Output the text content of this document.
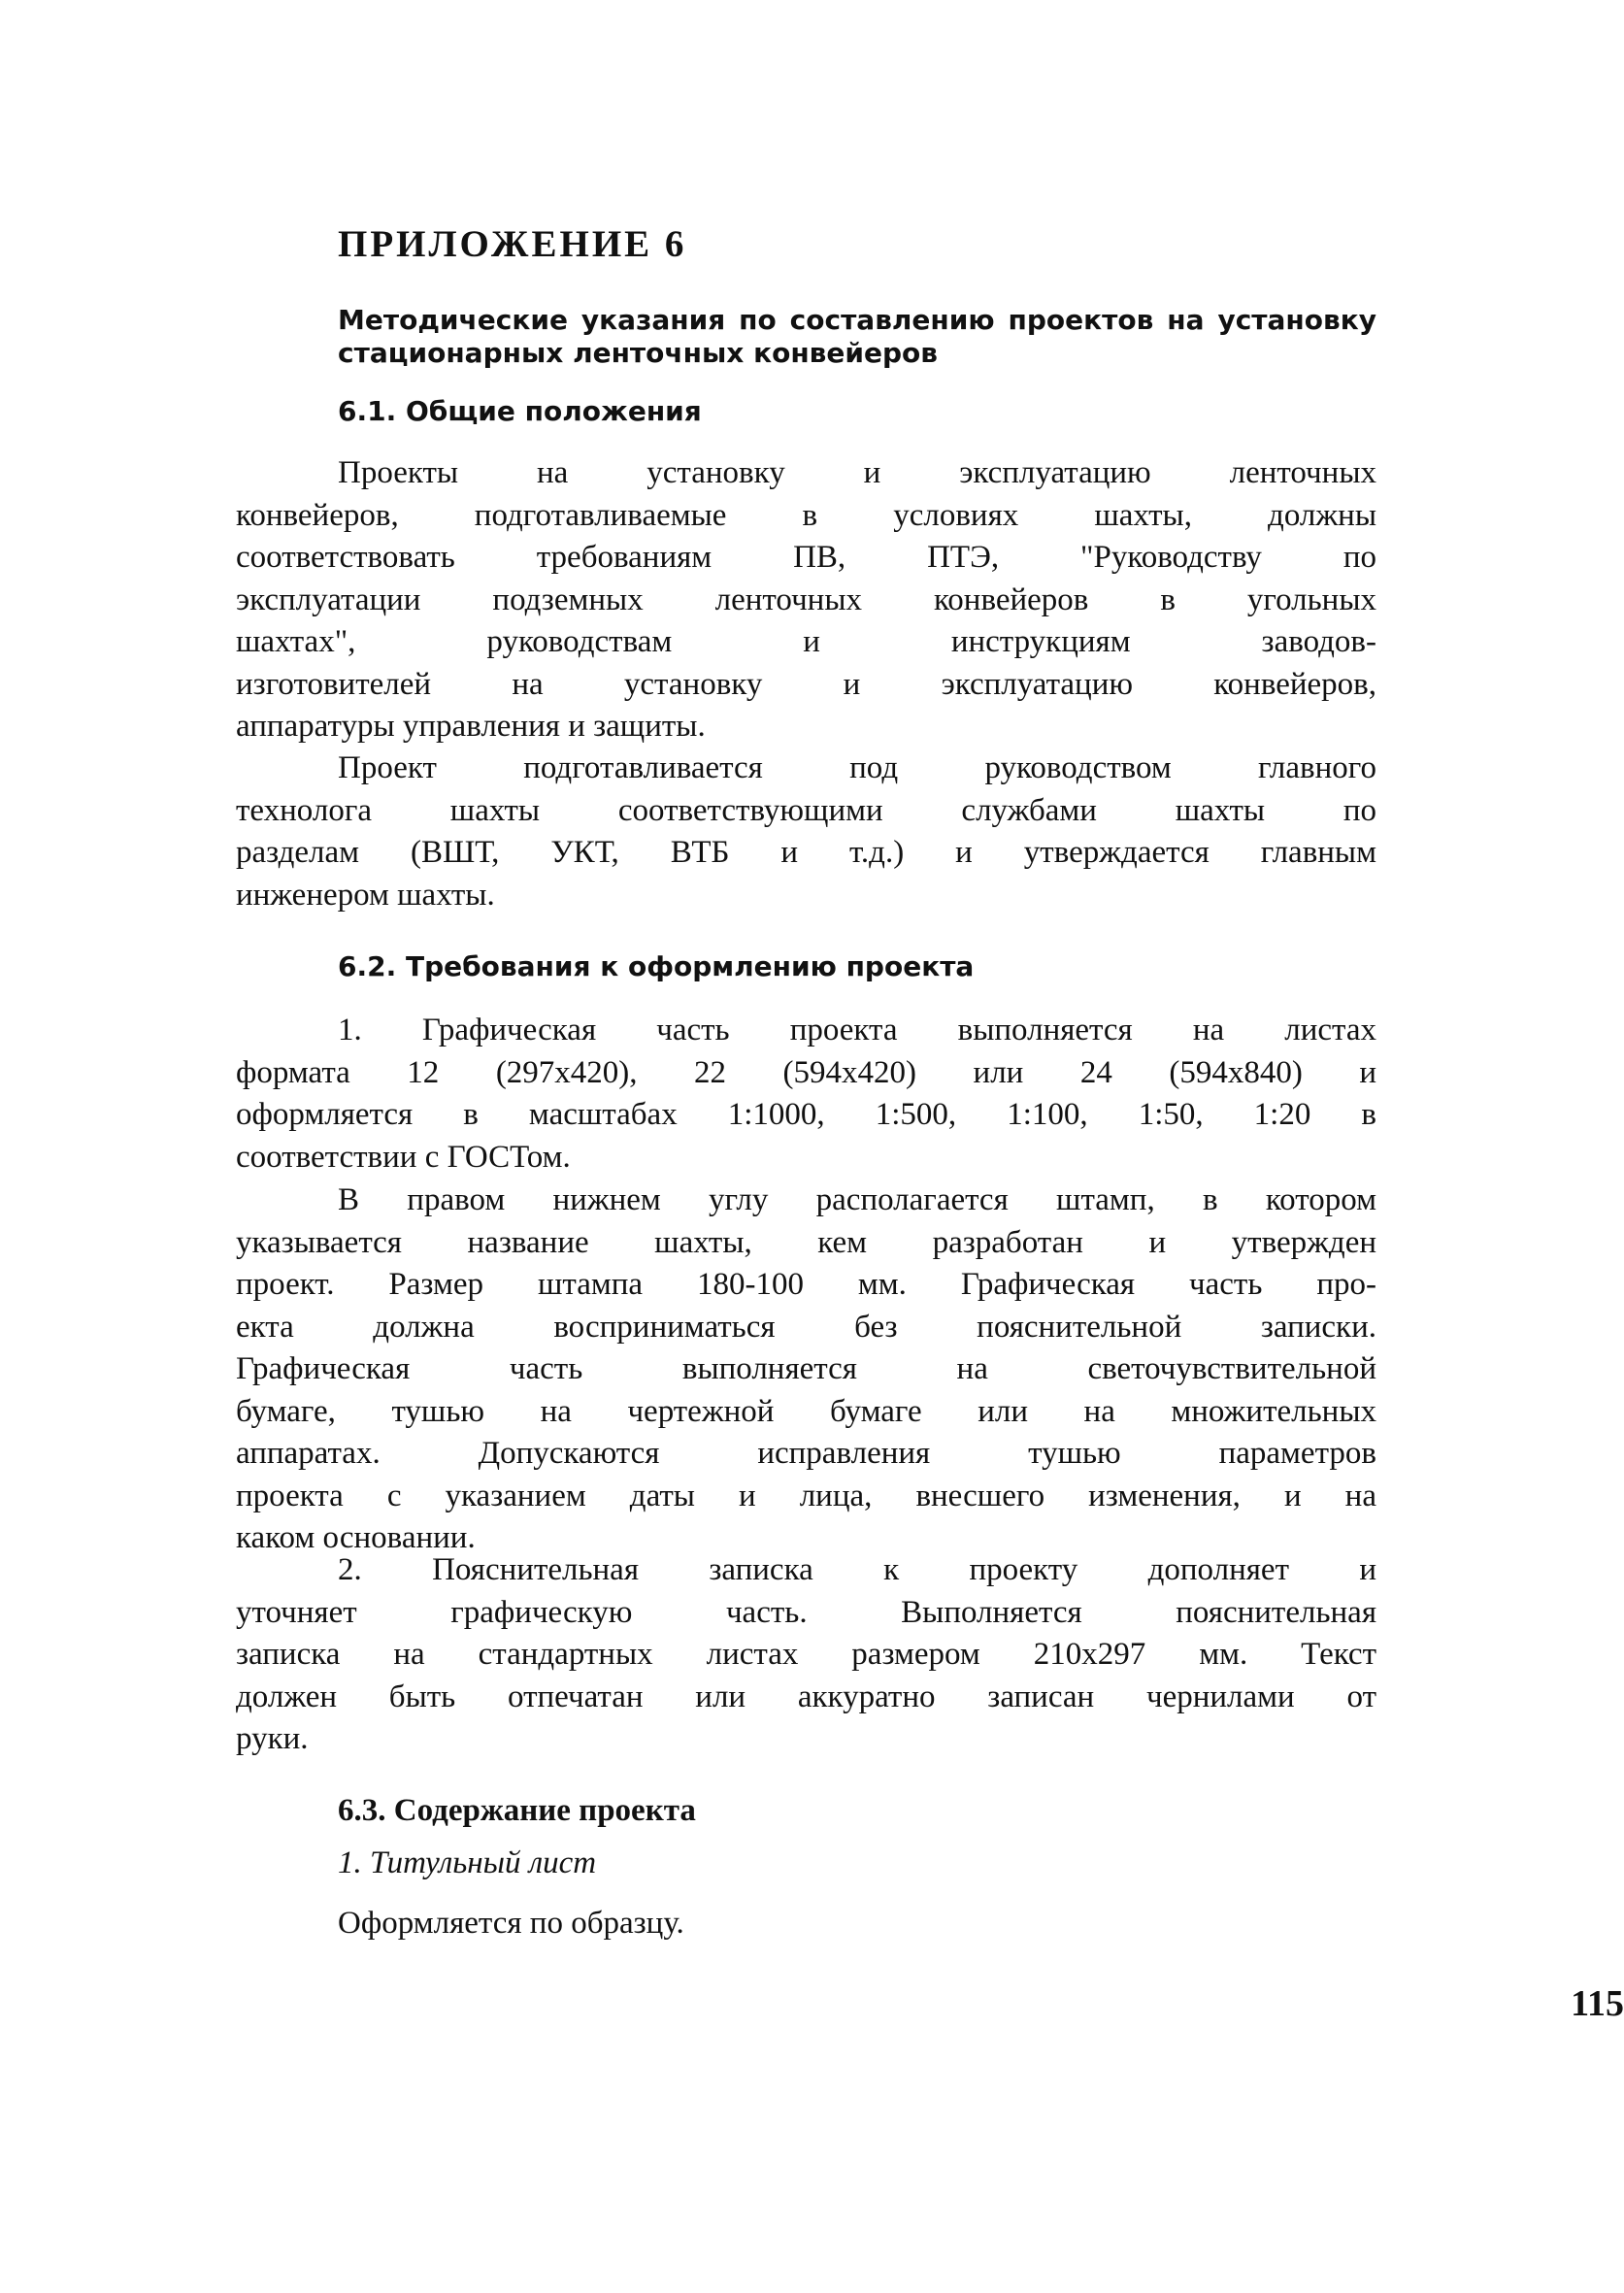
ПРИЛОЖЕНИЕ 6

Методические указания по составлению проектов на установку стационарных ленточных конвейеров

6.1. Общие положения

Проекты на установку и эксплуатацию ленточных
конвейеров, подготавливаемые в условиях шахты, должны
соответствовать требованиям ПВ, ПТЭ, "Руководству по
эксплуатации подземных ленточных конвейеров в угольных
шахтах", руководствам и инструкциям заводов-
изготовителей на установку и эксплуатацию конвейеров,
аппаратуры управления и защиты.

Проект подготавливается под руководством главного
технолога шахты соответствующими службами шахты по
разделам (ВШТ, УКТ, ВТБ и т.д.) и утверждается главным
инженером шахты.

6.2. Требования к оформлению проекта

1. Графическая часть проекта выполняется на листах
формата 12 (297х420), 22 (594х420) или 24 (594х840) и
оформляется в масштабах 1:1000, 1:500, 1:100, 1:50, 1:20 в
соответствии с ГОСТом.

В правом нижнем углу располагается штамп, в котором
указывается название шахты, кем разработан и утвержден
проект. Размер штампа 180-100 мм. Графическая часть про-
екта должна восприниматься без пояснительной записки.
Графическая часть выполняется на светочувствительной
бумаге, тушью на чертежной бумаге или на множительных
аппаратах. Допускаются исправления тушью параметров
проекта с указанием даты и лица, внесшего изменения, и на
каком основании.

2. Пояснительная записка к проекту дополняет и
уточняет графическую часть. Выполняется пояснительная
записка на стандартных листах размером 210х297 мм. Текст
должен быть отпечатан или аккуратно записан чернилами от
руки.

6.3. Содержание проекта

1. Титульный лист

Оформляется по образцу.

115
